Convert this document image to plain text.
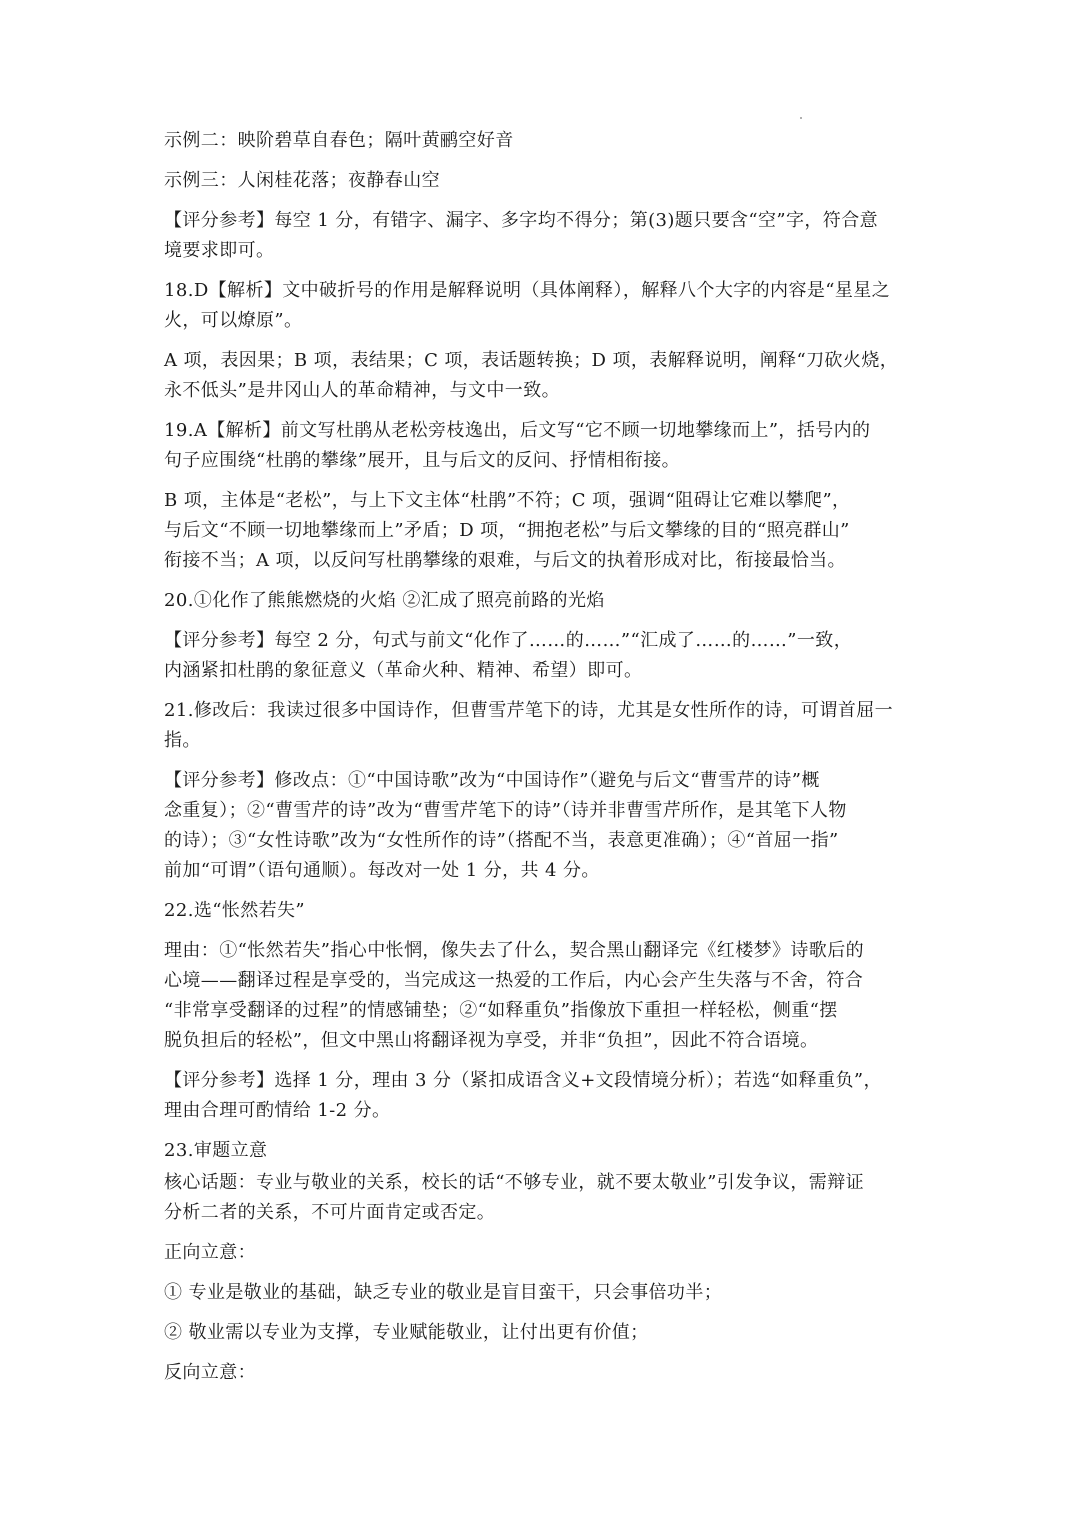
示例二：映阶碧草自春色；隔叶黄鹂空好音

示例三：人闲桂花落；夜静春山空

【评分参考】每空 1 分，有错字、漏字、多字均不得分；第(3)题只要含“空”字，符合意
境要求即可。

18.D【解析】文中破折号的作用是解释说明（具体阐释），解释八个大字的内容是“星星之
火，可以燎原”。

A 项，表因果；B 项，表结果；C 项，表话题转换；D 项，表解释说明，阐释“刀砍火烧，
永不低头”是井冈山人的革命精神，与文中一致。

19.A【解析】前文写杜鹃从老松旁枝逸出，后文写“它不顾一切地攀缘而上”，括号内的
句子应围绕“杜鹃的攀缘”展开，且与后文的反问、抒情相衔接。

B 项，主体是“老松”，与上下文主体“杜鹃”不符；C 项，强调“阻碍让它难以攀爬”，
与后文“不顾一切地攀缘而上”矛盾；D 项，“拥抱老松”与后文攀缘的目的“照亮群山”
衔接不当；A 项，以反问写杜鹃攀缘的艰难，与后文的执着形成对比，衔接最恰当。

20.①化作了熊熊燃烧的火焰 ②汇成了照亮前路的光焰

【评分参考】每空 2 分，句式与前文“化作了……的……”“汇成了……的……”一致，
内涵紧扣杜鹃的象征意义（革命火种、精神、希望）即可。

21.修改后：我读过很多中国诗作，但曹雪芹笔下的诗，尤其是女性所作的诗，可谓首屈一
指。

【评分参考】修改点：①“中国诗歌”改为“中国诗作”（避免与后文“曹雪芹的诗”概
念重复）；②“曹雪芹的诗”改为“曹雪芹笔下的诗”（诗并非曹雪芹所作，是其笔下人物
的诗）；③“女性诗歌”改为“女性所作的诗”（搭配不当，表意更准确）；④“首屈一指”
前加“可谓”（语句通顺）。每改对一处 1 分，共 4 分。

22.选“怅然若失”

理由：①“怅然若失”指心中怅惘，像失去了什么，契合黑山翻译完《红楼梦》诗歌后的
心境——翻译过程是享受的，当完成这一热爱的工作后，内心会产生失落与不舍，符合
“非常享受翻译的过程”的情感铺垫；②“如释重负”指像放下重担一样轻松，侧重“摆
脱负担后的轻松”，但文中黑山将翻译视为享受，并非“负担”，因此不符合语境。

【评分参考】选择 1 分，理由 3 分（紧扣成语含义+文段情境分析）；若选“如释重负”，
理由合理可酌情给 1-2 分。

23.审题立意

核心话题：专业与敬业的关系，校长的话“不够专业，就不要太敬业”引发争议，需辩证
分析二者的关系，不可片面肯定或否定。

正向立意：

① 专业是敬业的基础，缺乏专业的敬业是盲目蛮干，只会事倍功半；

② 敬业需以专业为支撑，专业赋能敬业，让付出更有价值；

反向立意：
